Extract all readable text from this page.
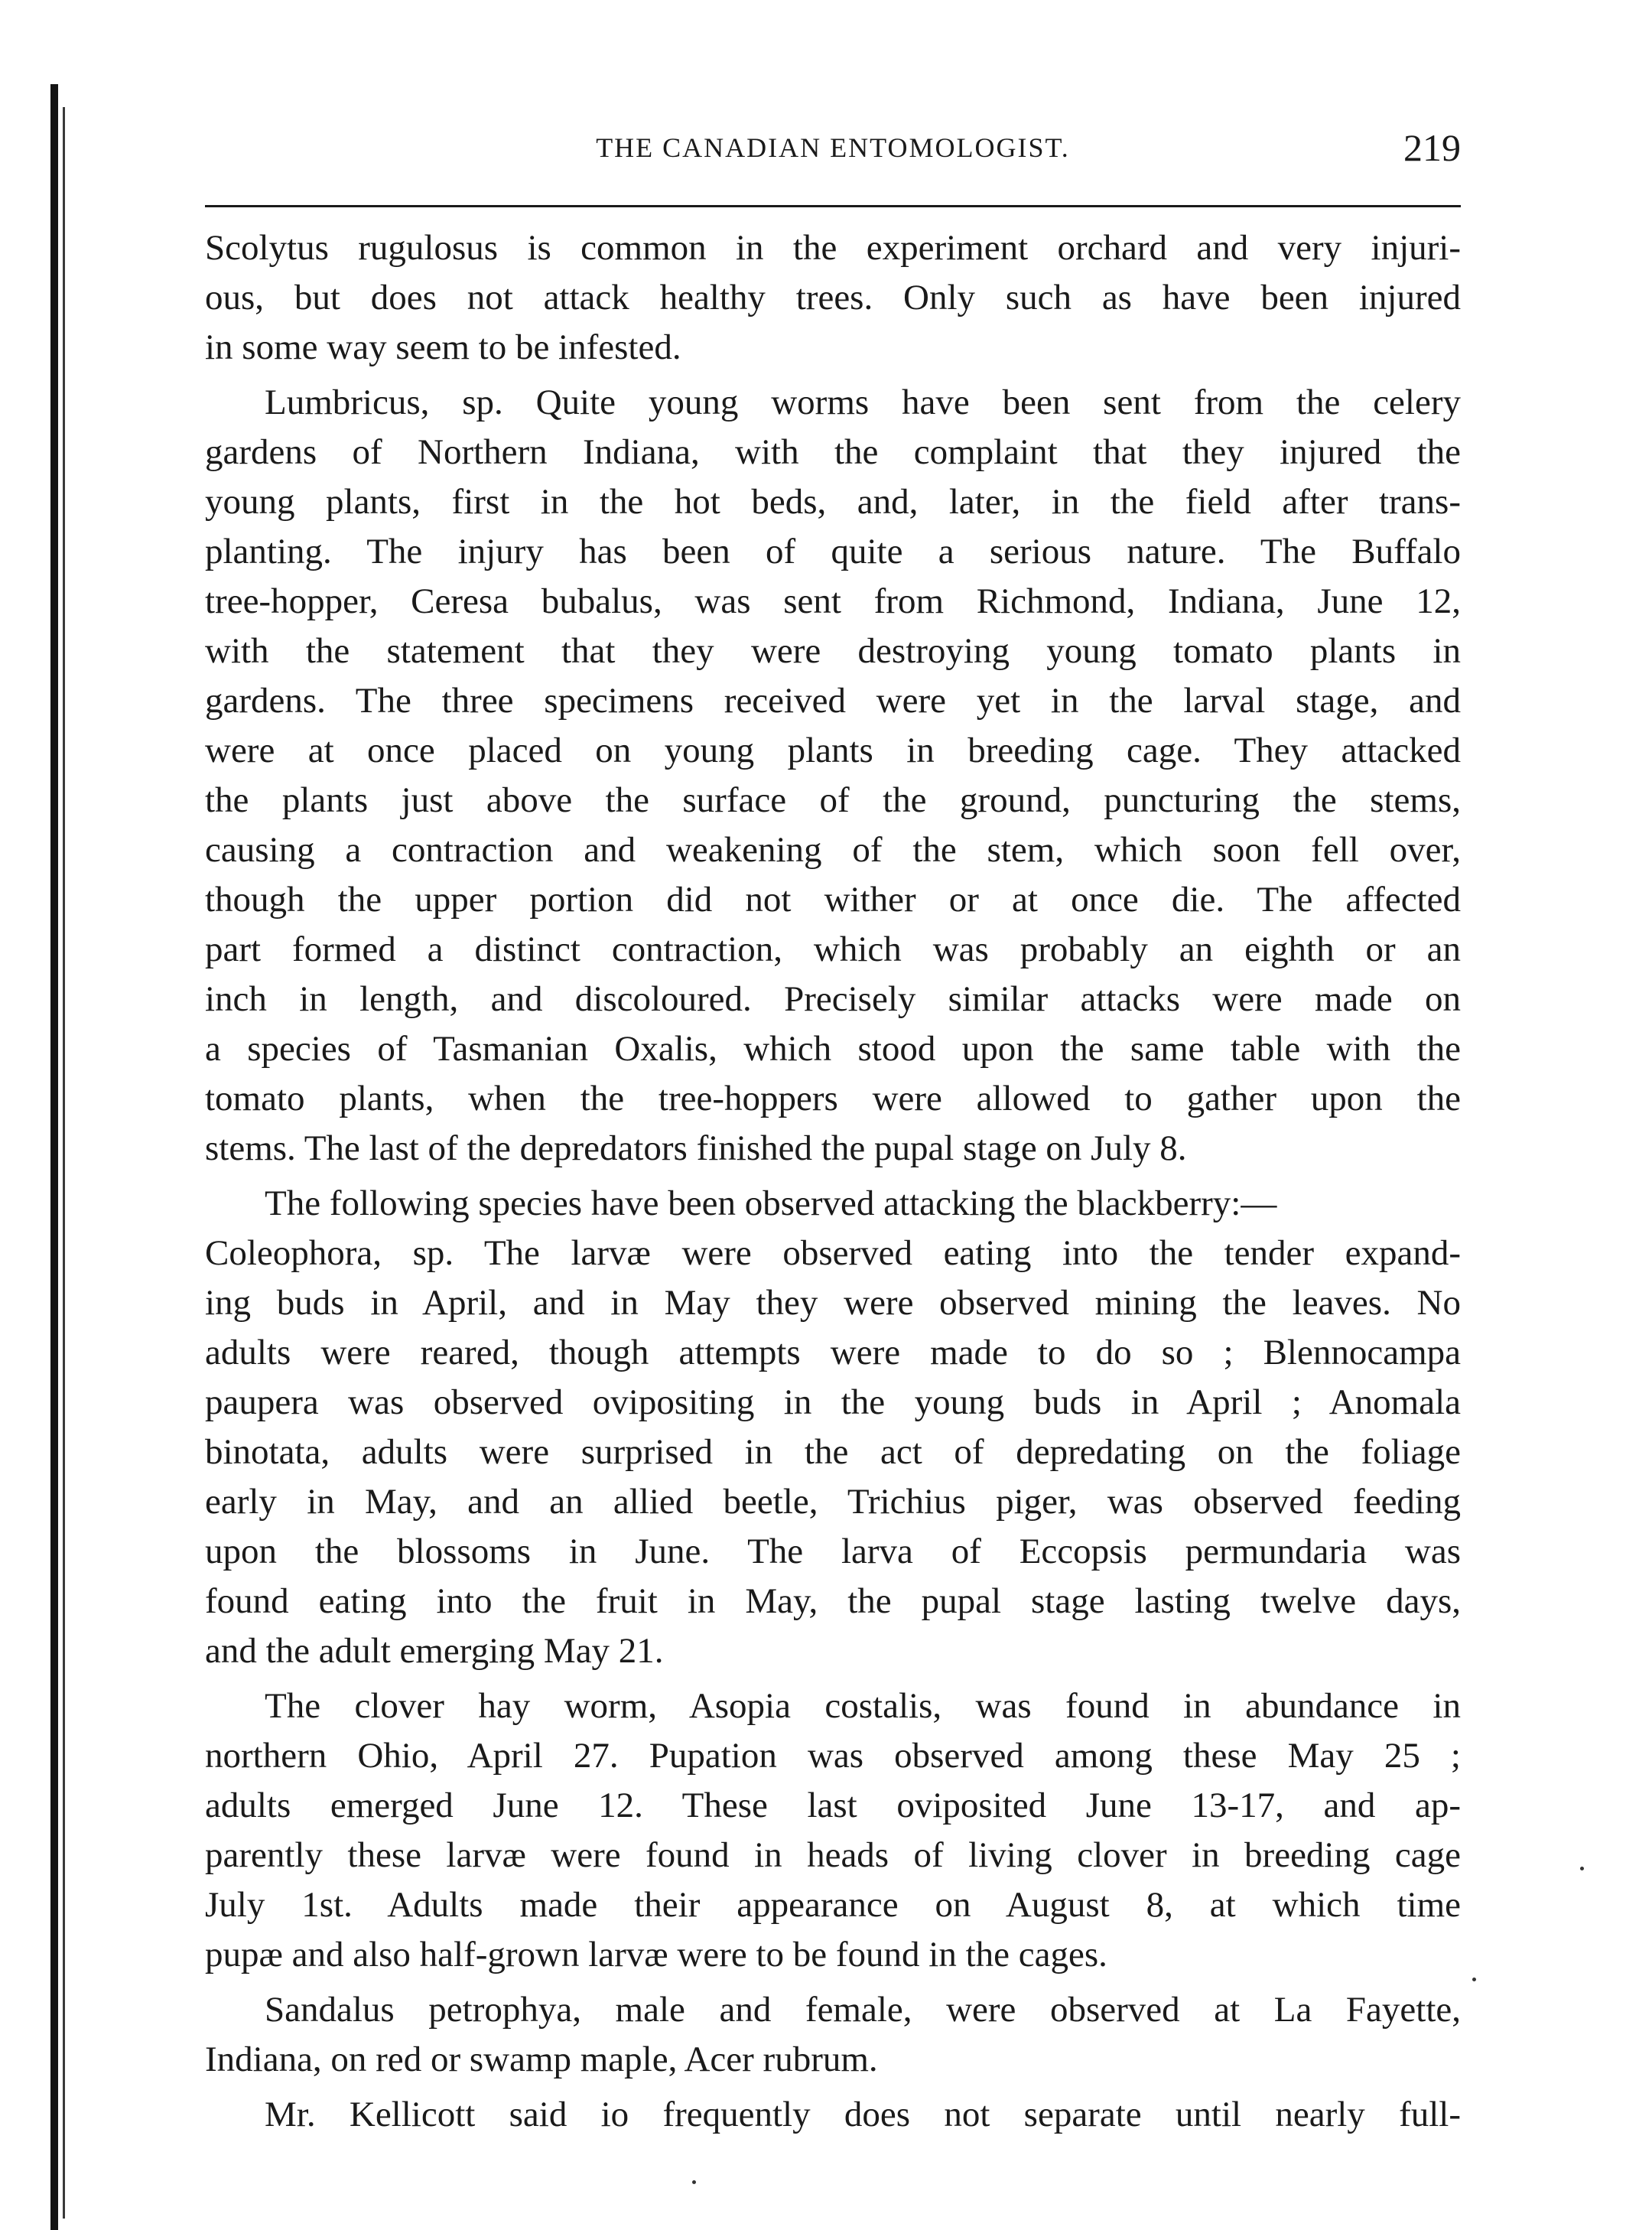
THE CANADIAN ENTOMOLOGIST.	219
Scolytus rugulosus is common in the experiment orchard and very injuri-
ous, but does not attack healthy trees. Only such as have been injured
in some way seem to be infested.
Lumbricus, sp. Quite young worms have been sent from the celery
gardens of Northern Indiana, with the complaint that they injured the
young plants, first in the hot beds, and, later, in the field after trans-
planting. The injury has been of quite a serious nature. The Buffalo
tree-hopper, Ceresa bubalus, was sent from Richmond, Indiana, June 12,
with the statement that they were destroying young tomato plants in
gardens. The three specimens received were yet in the larval stage, and
were at once placed on young plants in breeding cage. They attacked
the plants just above the surface of the ground, puncturing the stems,
causing a contraction and weakening of the stem, which soon fell over,
though the upper portion did not wither or at once die. The affected
part formed a distinct contraction, which was probably an eighth or an
inch in length, and discoloured. Precisely similar attacks were made on
a species of Tasmanian Oxalis, which stood upon the same table with the
tomato plants, when the tree-hoppers were allowed to gather upon the
stems. The last of the depredators finished the pupal stage on July 8.
The following species have been observed attacking the blackberry:—
Coleophora, sp. The larvæ were observed eating into the tender expand-
ing buds in April, and in May they were observed mining the leaves. No
adults were reared, though attempts were made to do so ; Blennocampa
paupera was observed ovipositing in the young buds in April ; Anomala
binotata, adults were surprised in the act of depredating on the foliage
early in May, and an allied beetle, Trichius piger, was observed feeding
upon the blossoms in June. The larva of Eccopsis permundaria was
found eating into the fruit in May, the pupal stage lasting twelve days,
and the adult emerging May 21.
The clover hay worm, Asopia costalis, was found in abundance in
northern Ohio, April 27. Pupation was observed among these May 25 ;
adults emerged June 12. These last oviposited June 13-17, and ap-
parently these larvæ were found in heads of living clover in breeding cage
July 1st. Adults made their appearance on August 8, at which time
pupæ and also half-grown larvæ were to be found in the cages.
Sandalus petrophya, male and female, were observed at La Fayette,
Indiana, on red or swamp maple, Acer rubrum.
Mr. Kellicott said io frequently does not separate until nearly full-
